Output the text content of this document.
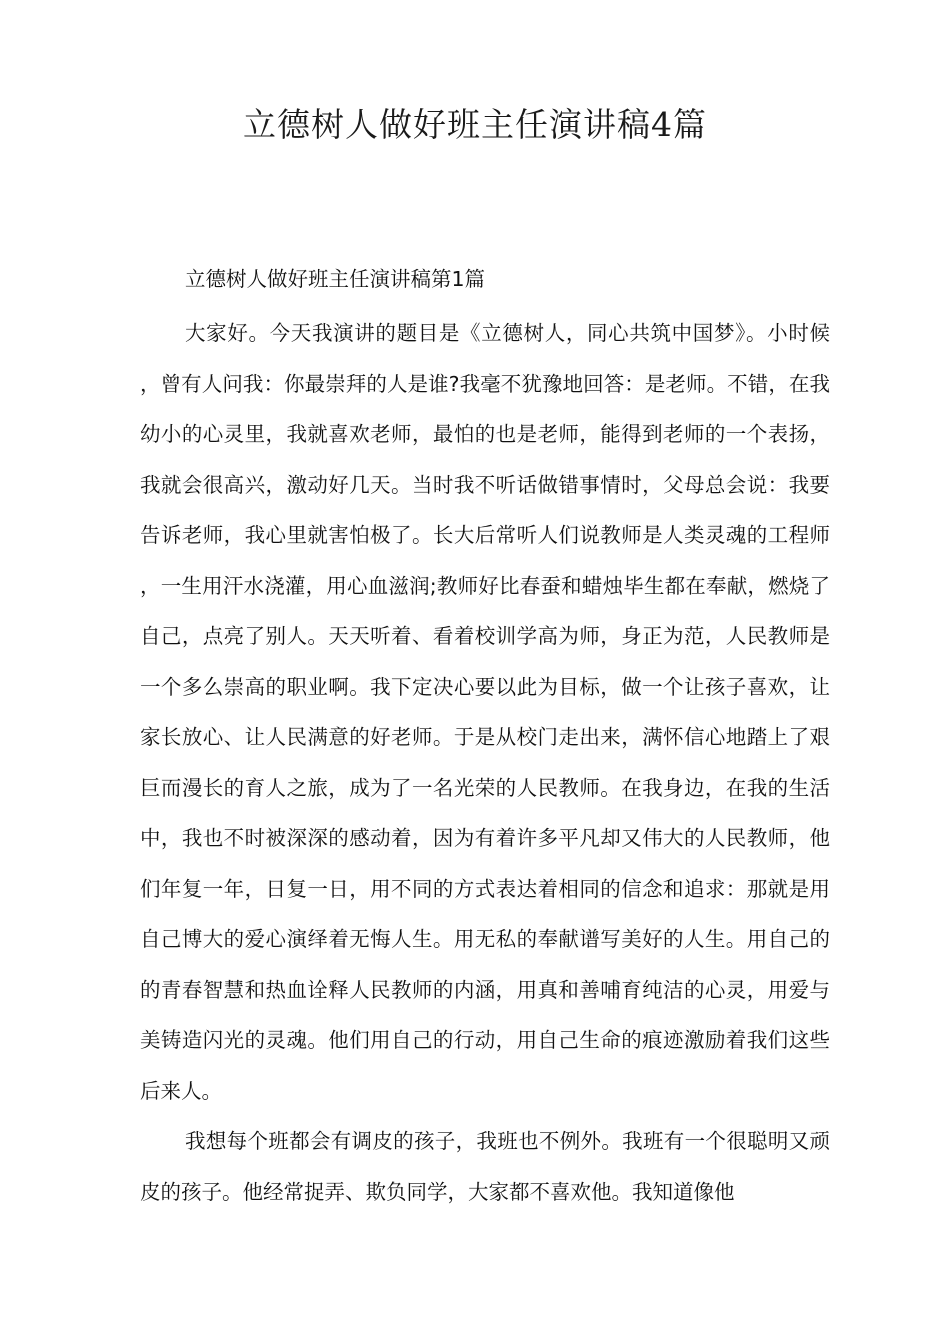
立德树人做好班主任演讲稿4篇
立德树人做好班主任演讲稿第1篇

大家好。今天我演讲的题目是《立德树人，同心共筑中国梦》。小时候，曾有人问我：你最崇拜的人是谁?我毫不犹豫地回答：是老师。不错，在我幼小的心灵里，我就喜欢老师，最怕的也是老师，能得到老师的一个表扬，我就会很高兴，激动好几天。当时我不听话做错事情时，父母总会说：我要告诉老师，我心里就害怕极了。长大后常听人们说教师是人类灵魂的工程师，一生用汗水浇灌，用心血滋润;教师好比春蚕和蜡烛毕生都在奉献，燃烧了自己，点亮了别人。天天听着、看着校训学高为师，身正为范，人民教师是一个多么崇高的职业啊。我下定决心要以此为目标，做一个让孩子喜欢，让家长放心、让人民满意的好老师。于是从校门走出来，满怀信心地踏上了艰巨而漫长的育人之旅，成为了一名光荣的人民教师。在我身边，在我的生活中，我也不时被深深的感动着，因为有着许多平凡却又伟大的人民教师，他们年复一年，日复一日，用不同的方式表达着相同的信念和追求：那就是用自己博大的爱心演绎着无悔人生。用无私的奉献谱写美好的人生。用自己的的青春智慧和热血诠释人民教师的内涵，用真和善哺育纯洁的心灵，用爱与美铸造闪光的灵魂。他们用自己的行动，用自己生命的痕迹激励着我们这些后来人。

我想每个班都会有调皮的孩子，我班也不例外。我班有一个很聪明又顽皮的孩子。他经常捉弄、欺负同学，大家都不喜欢他。我知道像他
